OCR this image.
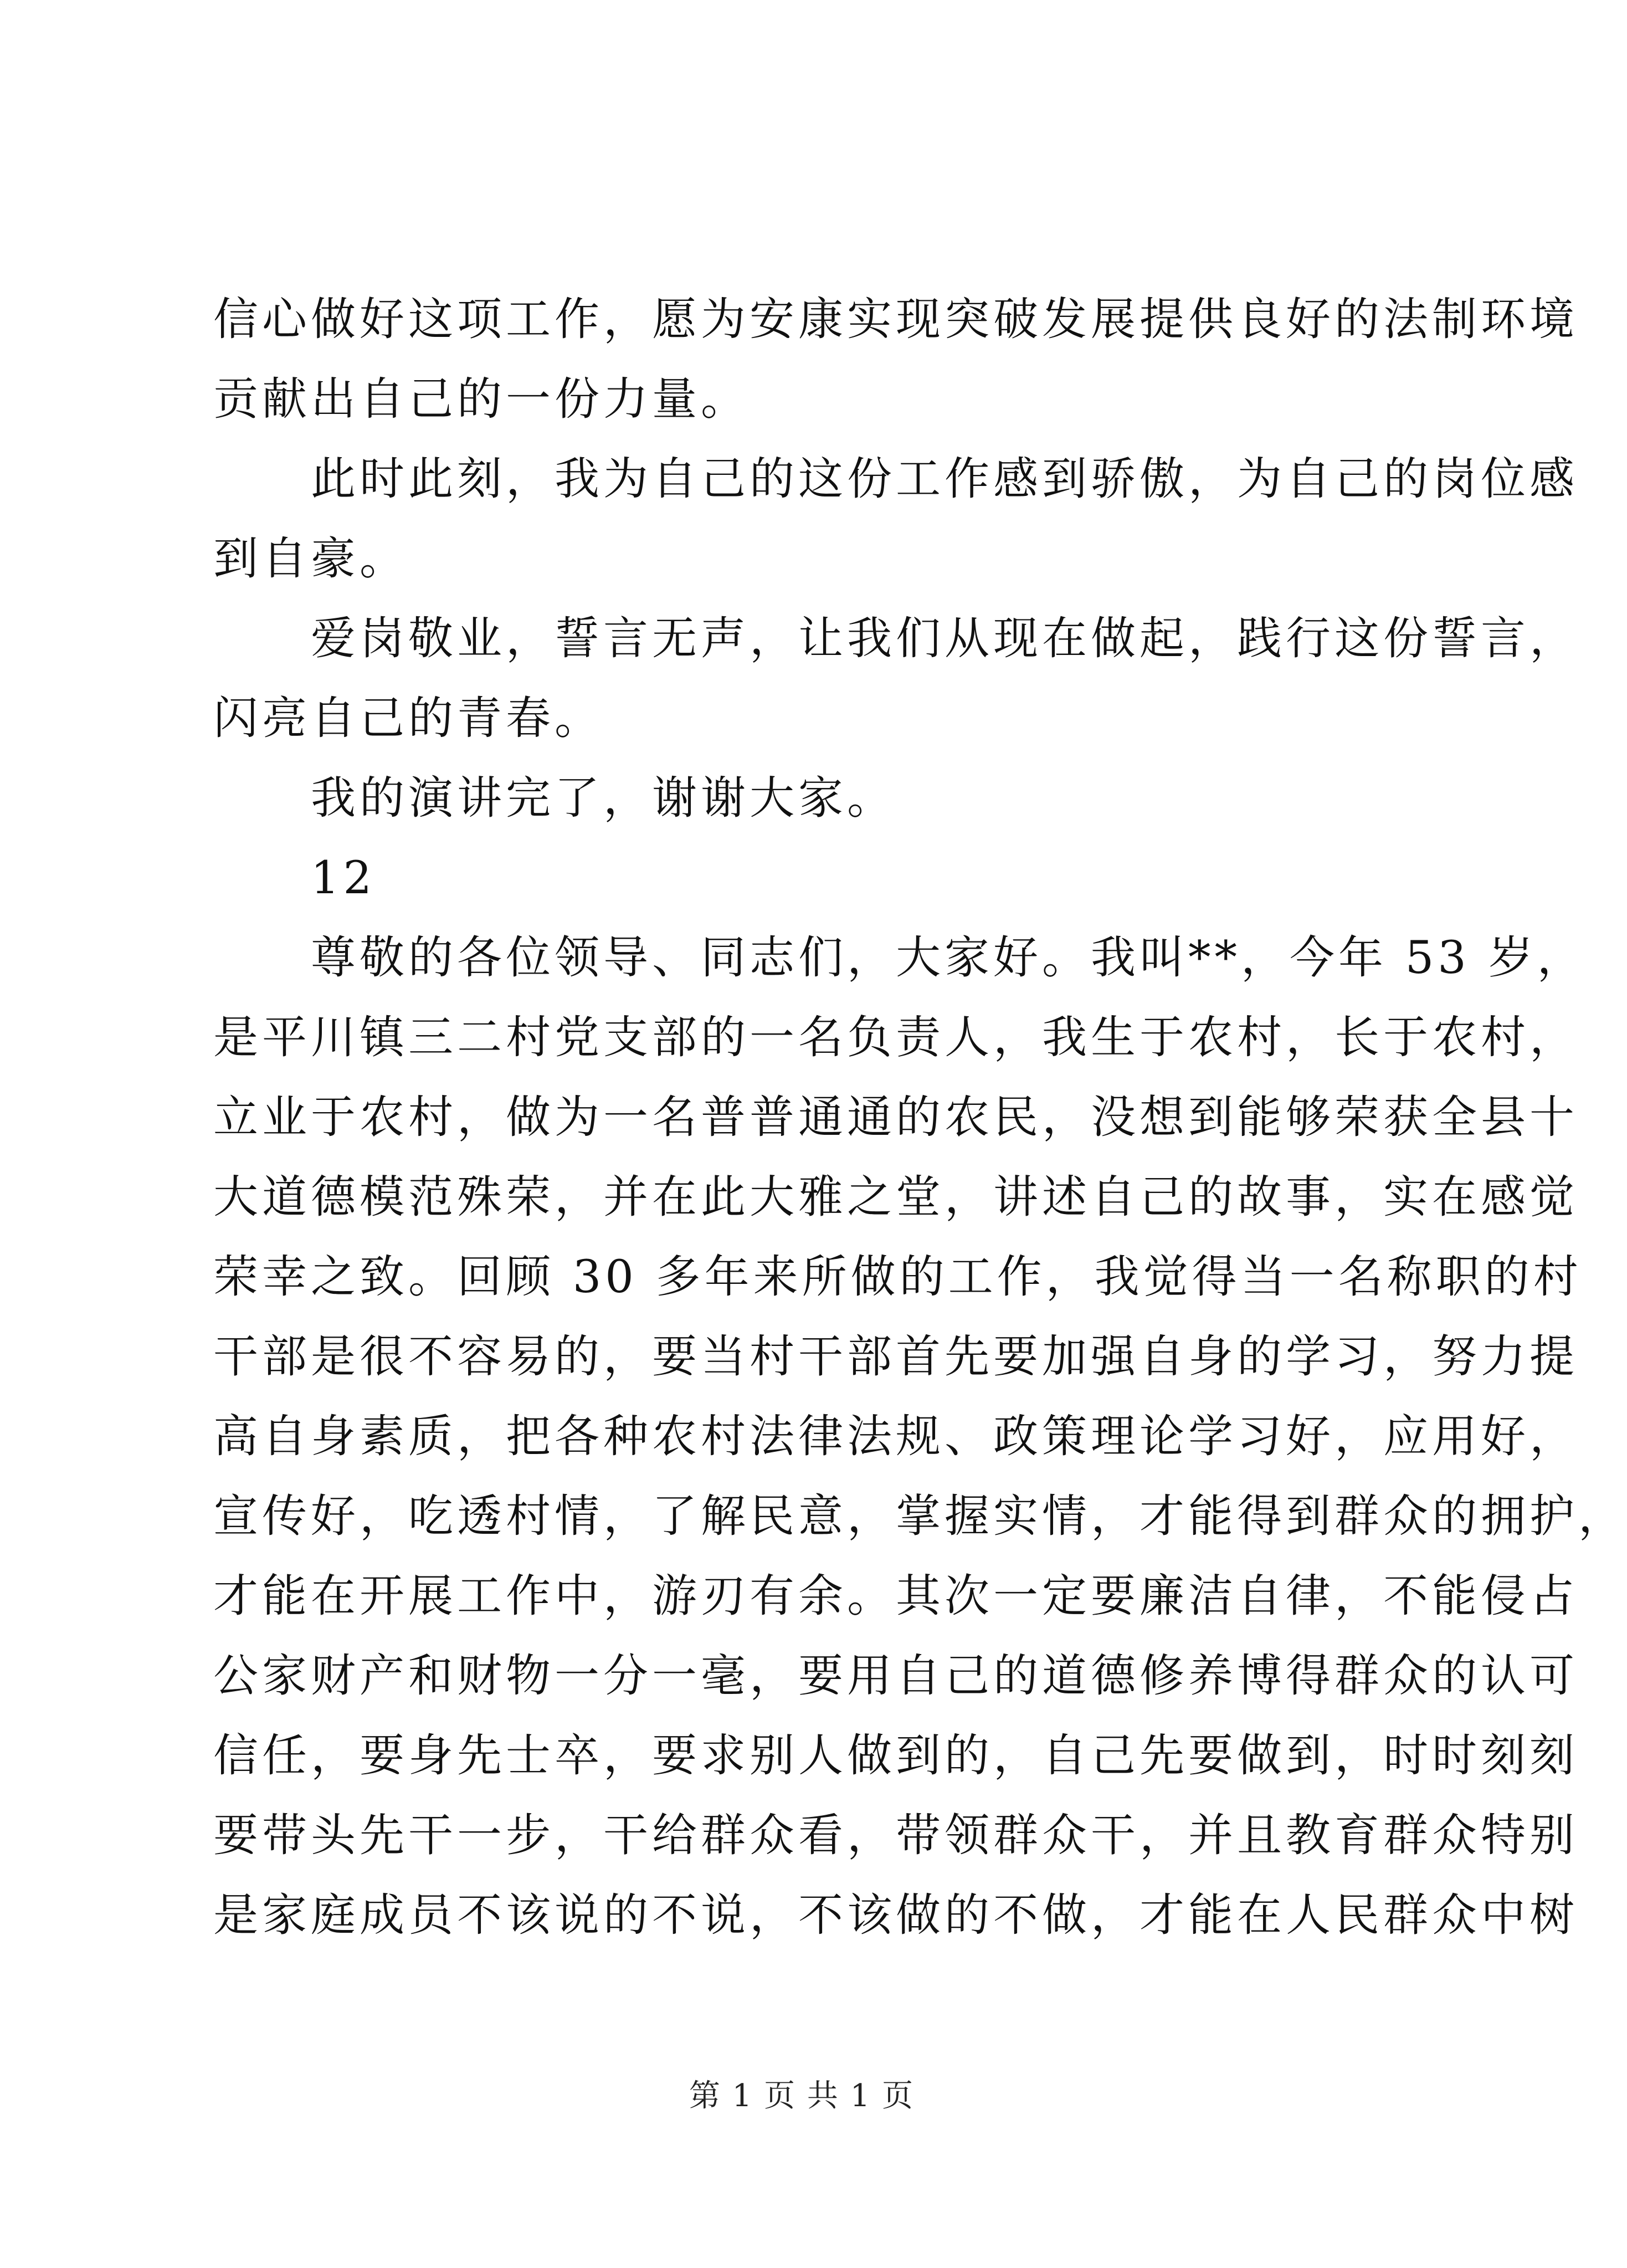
信心做好这项工作，愿为安康实现突破发展提供良好的法制环境
贡献出自己的一份力量。
　　此时此刻，我为自己的这份工作感到骄傲，为自己的岗位感
到自豪。
　　爱岗敬业，誓言无声，让我们从现在做起，践行这份誓言，
闪亮自己的青春。
　　我的演讲完了，谢谢大家。
　　12
　　尊敬的各位领导、同志们，大家好。我叫**，今年 53 岁，
是平川镇三二村党支部的一名负责人，我生于农村，长于农村，
立业于农村，做为一名普普通通的农民，没想到能够荣获全县十
大道德模范殊荣，并在此大雅之堂，讲述自己的故事，实在感觉
荣幸之致。回顾 30 多年来所做的工作，我觉得当一名称职的村
干部是很不容易的，要当村干部首先要加强自身的学习，努力提
高自身素质，把各种农村法律法规、政策理论学习好，应用好，
宣传好，吃透村情，了解民意，掌握实情，才能得到群众的拥护，
才能在开展工作中，游刃有余。其次一定要廉洁自律，不能侵占
公家财产和财物一分一毫，要用自己的道德修养博得群众的认可
信任，要身先士卒，要求别人做到的，自己先要做到，时时刻刻
要带头先干一步，干给群众看，带领群众干，并且教育群众特别
是家庭成员不该说的不说，不该做的不做，才能在人民群众中树
第 1 页 共 1 页
